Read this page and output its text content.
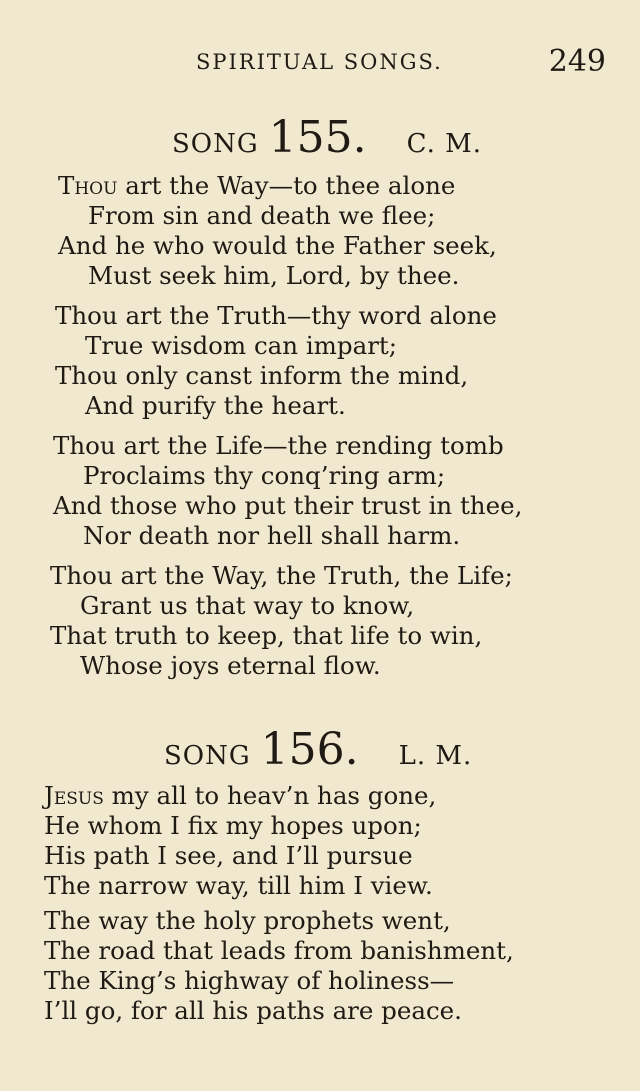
SPIRITUAL SONGS.	249
SONG 155. C. M.
Thou art the Way—to thee alone
From sin and death we flee;
And he who would the Father seek,
Must seek him, Lord, by thee.
Thou art the Truth—thy word alone
True wisdom can impart;
Thou only canst inform the mind,
And purify the heart.
Thou art the Life—the rending tomb
Proclaims thy conq’ring arm;
And those who put their trust in thee,
Nor death nor hell shall harm.
Thou art the Way, the Truth, the Life;
Grant us that way to know,
That truth to keep, that life to win,
Whose joys eternal flow.
SONG 156. L. M.
Jesus my all to heav’n has gone,
He whom I fix my hopes upon;
His path I see, and I’ll pursue
The narrow way, till him I view.
The way the holy prophets went,
The road that leads from banishment,
The King’s highway of holiness—
I’ll go, for all his paths are peace.
